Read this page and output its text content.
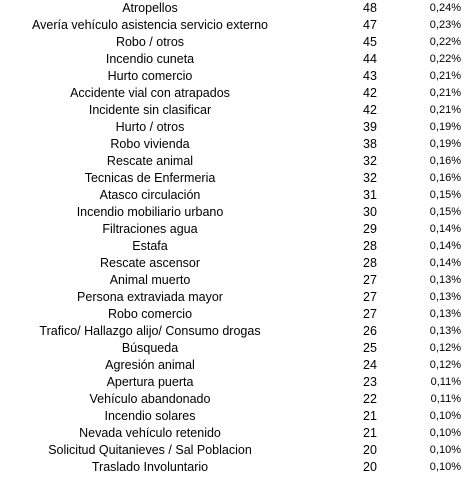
Atropellos	48	0,24%
Avería vehículo asistencia servicio externo	47	0,23%
Robo / otros	45	0,22%
Incendio cuneta	44	0,22%
Hurto comercio	43	0,21%
Accidente vial con atrapados	42	0,21%
Incidente sin clasificar	42	0,21%
Hurto / otros	39	0,19%
Robo vivienda	38	0,19%
Rescate animal	32	0,16%
Tecnicas de Enfermeria	32	0,16%
Atasco circulación	31	0,15%
Incendio mobiliario urbano	30	0,15%
Filtraciones agua	29	0,14%
Estafa	28	0,14%
Rescate ascensor	28	0,14%
Animal muerto	27	0,13%
Persona extraviada mayor	27	0,13%
Robo comercio	27	0,13%
Trafico/ Hallazgo alijo/ Consumo drogas	26	0,13%
Búsqueda	25	0,12%
Agresión animal	24	0,12%
Apertura puerta	23	0,11%
Vehículo abandonado	22	0,11%
Incendio solares	21	0,10%
Nevada vehículo retenido	21	0,10%
Solicitud Quitanieves / Sal Poblacion	20	0,10%
Traslado Involuntario	20	0,10%
